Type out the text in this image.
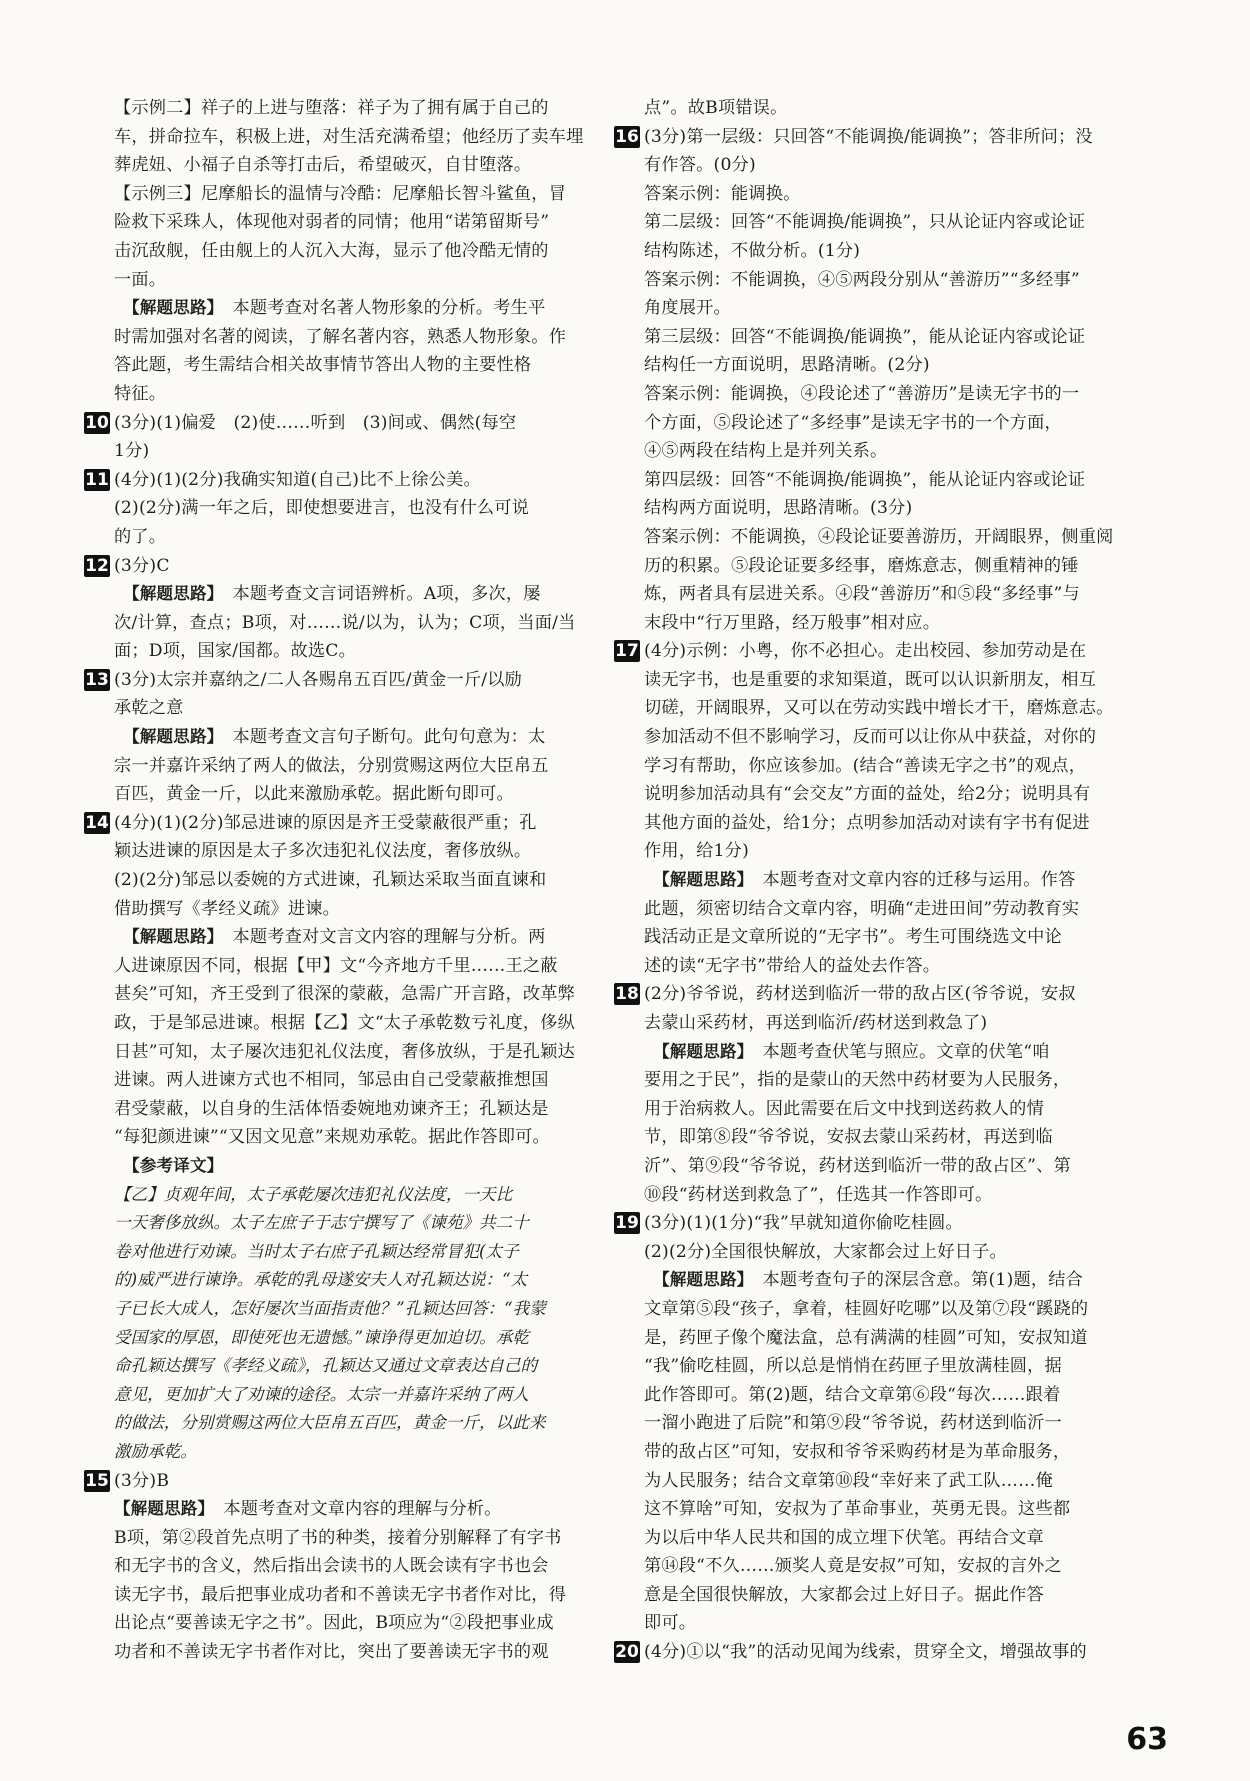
【示例二】祥子的上进与堕落：祥子为了拥有属于自己的

车，拼命拉车，积极上进，对生活充满希望；他经历了卖车埋

葬虎妞、小福子自杀等打击后，希望破灭，自甘堕落。

【示例三】尼摩船长的温情与冷酷：尼摩船长智斗鲨鱼，冒

险救下采珠人，体现他对弱者的同情；他用“诺第留斯号”

击沉敌舰，任由舰上的人沉入大海，显示了他冷酷无情的

一面。

　【解题思路】　 本题考查对名著人物形象的分析。考生平

时需加强对名著的阅读，了解名著内容，熟悉人物形象。作

答此题，考生需结合相关故事情节答出人物的主要性格

特征。

10 (3分)(1)偏爱　(2)使……听到　(3)间或、偶然(每空

1分)

11 (4分)(1)(2分)我确实知道(自己)比不上徐公美。

(2)(2分)满一年之后，即使想要进言，也没有什么可说

的了。

12 (3分)C

　【解题思路】　 本题考查文言词语辨析。A项，多次，屡

次/计算，查点；B项，对……说/以为，认为；C项，当面/当

面；D项，国家/国都。故选C。

13 (3分)太宗并嘉纳之/二人各赐帛五百匹/黄金一斤/以励

承乾之意

　【解题思路】　 本题考查文言句子断句。此句句意为：太

宗一并嘉许采纳了两人的做法，分别赏赐这两位大臣帛五

百匹，黄金一斤，以此来激励承乾。据此断句即可。

14 (4分)(1)(2分)邹忌进谏的原因是齐王受蒙蔽很严重；孔

颖达进谏的原因是太子多次违犯礼仪法度，奢侈放纵。

(2)(2分)邹忌以委婉的方式进谏，孔颖达采取当面直谏和

借助撰写《孝经义疏》进谏。

　【解题思路】　 本题考查对文言文内容的理解与分析。两

人进谏原因不同，根据【甲】文“今齐地方千里……王之蔽

甚矣”可知，齐王受到了很深的蒙蔽，急需广开言路，改革弊

政，于是邹忌进谏。根据【乙】文“太子承乾数亏礼度，侈纵

日甚”可知，太子屡次违犯礼仪法度，奢侈放纵，于是孔颖达

进谏。两人进谏方式也不相同，邹忌由自己受蒙蔽推想国

君受蒙蔽，以自身的生活体悟委婉地劝谏齐王；孔颖达是

“每犯颜进谏”“又因文见意”来规劝承乾。据此作答即可。

　【参考译文】

【乙】贞观年间，太子承乾屡次违犯礼仪法度，一天比

一天奢侈放纵。太子左庶子于志宁撰写了《谏苑》共二十

卷对他进行劝谏。当时太子右庶子孔颖达经常冒犯(太子

的)威严进行谏诤。承乾的乳母遂安夫人对孔颖达说：“太

子已长大成人，怎好屡次当面指责他？”孔颖达回答：“我蒙

受国家的厚恩，即使死也无遗憾。”谏诤得更加迫切。承乾

命孔颖达撰写《孝经义疏》，孔颖达又通过文章表达自己的

意见，更加扩大了劝谏的途径。太宗一并嘉许采纳了两人

的做法，分别赏赐这两位大臣帛五百匹，黄金一斤，以此来

激励承乾。

15 (3分)B

【解题思路】　 本题考查对文章内容的理解与分析。

B项，第②段首先点明了书的种类，接着分别解释了有字书

和无字书的含义，然后指出会读书的人既会读有字书也会

读无字书，最后把事业成功者和不善读无字书者作对比，得

出论点“要善读无字之书”。因此，B项应为“②段把事业成

功者和不善读无字书者作对比，突出了要善读无字书的观

点”。故B项错误。

16 (3分)第一层级：只回答“不能调换/能调换”；答非所问；没

有作答。(0分)

答案示例：能调换。

第二层级：回答“不能调换/能调换”，只从论证内容或论证

结构陈述，不做分析。(1分)

答案示例：不能调换，④⑤两段分别从“善游历”“多经事”

角度展开。

第三层级：回答“不能调换/能调换”，能从论证内容或论证

结构任一方面说明，思路清晰。(2分)

答案示例：能调换，④段论述了“善游历”是读无字书的一

个方面，⑤段论述了“多经事”是读无字书的一个方面，

④⑤两段在结构上是并列关系。

第四层级：回答“不能调换/能调换”，能从论证内容或论证

结构两方面说明，思路清晰。(3分)

答案示例：不能调换，④段论证要善游历，开阔眼界，侧重阅

历的积累。⑤段论证要多经事，磨炼意志，侧重精神的锤

炼，两者具有层进关系。④段“善游历”和⑤段“多经事”与

末段中“行万里路，经万般事”相对应。

17 (4分)示例：小粤，你不必担心。走出校园、参加劳动是在

读无字书，也是重要的求知渠道，既可以认识新朋友，相互

切磋，开阔眼界，又可以在劳动实践中增长才干，磨炼意志。

参加活动不但不影响学习，反而可以让你从中获益，对你的

学习有帮助，你应该参加。(结合“善读无字之书”的观点，

说明参加活动具有“会交友”方面的益处，给2分；说明具有

其他方面的益处，给1分；点明参加活动对读有字书有促进

作用，给1分)

　【解题思路】　 本题考查对文章内容的迁移与运用。作答

此题，须密切结合文章内容，明确“走进田间”劳动教育实

践活动正是文章所说的“无字书”。考生可围绕选文中论

述的读“无字书”带给人的益处去作答。

18 (2分)爷爷说，药材送到临沂一带的敌占区(爷爷说，安叔

去蒙山采药材，再送到临沂/药材送到救急了)

　【解题思路】　 本题考查伏笔与照应。文章的伏笔“咱

要用之于民”，指的是蒙山的天然中药材要为人民服务，

用于治病救人。因此需要在后文中找到送药救人的情

节，即第⑧段“爷爷说，安叔去蒙山采药材，再送到临

沂”、第⑨段“爷爷说，药材送到临沂一带的敌占区”、第

⑩段“药材送到救急了”，任选其一作答即可。

19 (3分)(1)(1分)“我”早就知道你偷吃桂圆。

(2)(2分)全国很快解放，大家都会过上好日子。

　【解题思路】　 本题考查句子的深层含意。第(1)题，结合

文章第⑤段“孩子，拿着，桂圆好吃哪”以及第⑦段“蹊跷的

是，药匣子像个魔法盒，总有满满的桂圆”可知，安叔知道

“我”偷吃桂圆，所以总是悄悄在药匣子里放满桂圆，据

此作答即可。第(2)题，结合文章第⑥段“每次……跟着

一溜小跑进了后院”和第⑨段“爷爷说，药材送到临沂一

带的敌占区”可知，安叔和爷爷采购药材是为革命服务，

为人民服务；结合文章第⑩段“幸好来了武工队……俺

这不算啥”可知，安叔为了革命事业，英勇无畏。这些都

为以后中华人民共和国的成立埋下伏笔。再结合文章

第⑭段“不久……颁奖人竟是安叔”可知，安叔的言外之

意是全国很快解放，大家都会过上好日子。据此作答

即可。

20 (4分)①以“我”的活动见闻为线索，贯穿全文，增强故事的

63
